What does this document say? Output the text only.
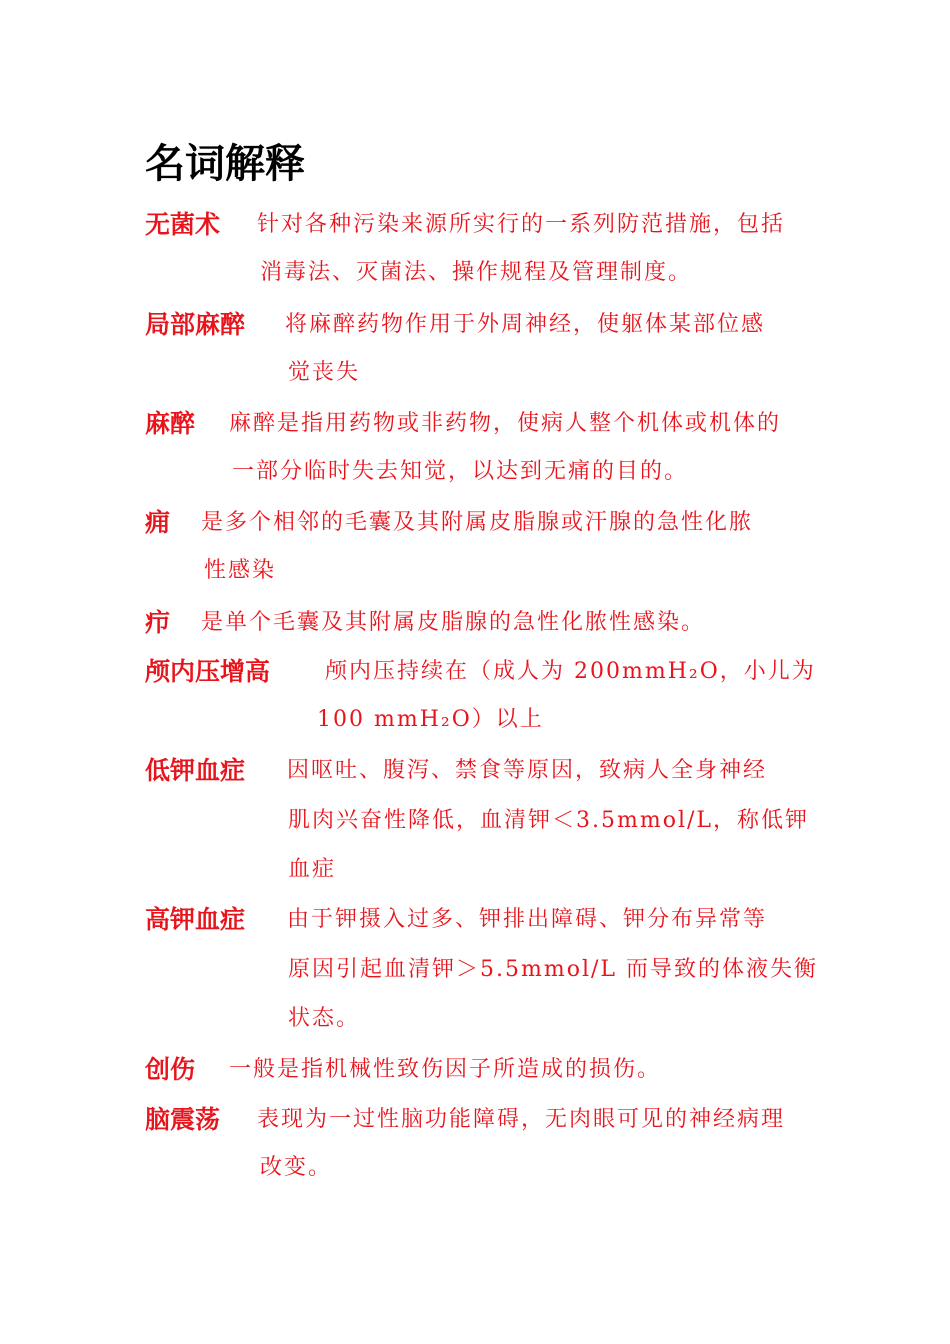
名词解释
无菌术 针对各种污染来源所实行的一系列防范措施，包括
消毒法、灭菌法、操作规程及管理制度。
局部麻醉 将麻醉药物作用于外周神经，使躯体某部位感
觉丧失
麻醉 麻醉是指用药物或非药物，使病人整个机体或机体的
一部分临时失去知觉，以达到无痛的目的。
痈 是多个相邻的毛囊及其附属皮脂腺或汗腺的急性化脓
性感染
疖 是单个毛囊及其附属皮脂腺的急性化脓性感染。
颅内压增高 颅内压持续在（成人为 200mmH₂O，小儿为
100 mmH₂O）以上
低钾血症 因呕吐、腹泻、禁食等原因，致病人全身神经
肌肉兴奋性降低，血清钾＜3.5mmol/L，称低钾
血症
高钾血症 由于钾摄入过多、钾排出障碍、钾分布异常等
原因引起血清钾＞5.5mmol/L 而导致的体液失衡
状态。
创伤 一般是指机械性致伤因子所造成的损伤。
脑震荡 表现为一过性脑功能障碍，无肉眼可见的神经病理
改变。
